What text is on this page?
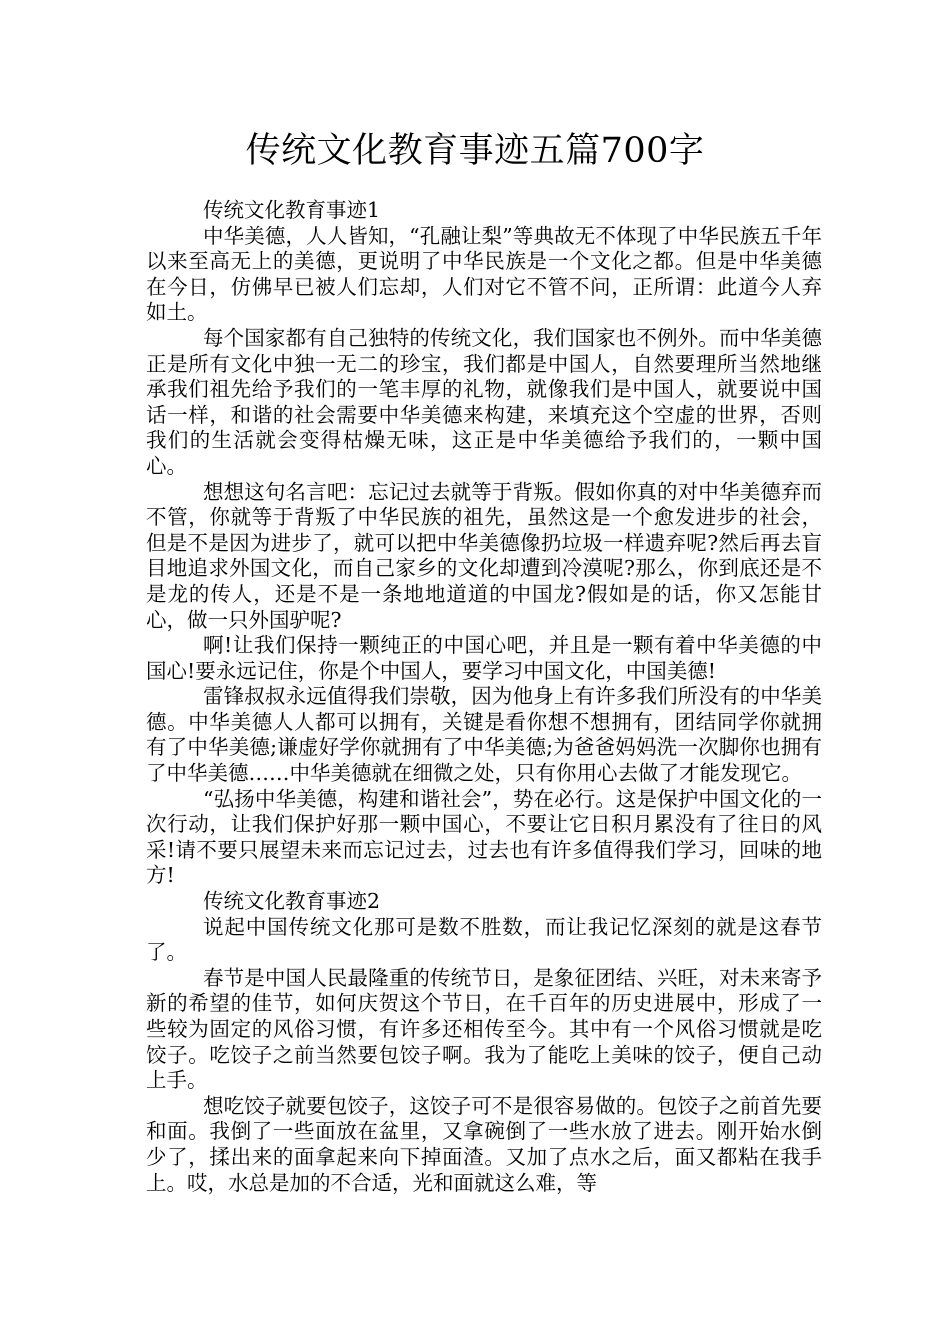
传统文化教育事迹五篇700字

传统文化教育事迹1

中华美德，人人皆知，“孔融让梨”等典故无不体现了中华民族五千年以来至高无上的美德，更说明了中华民族是一个文化之都。但是中华美德在今日，仿佛早已被人们忘却，人们对它不管不问，正所谓：此道今人弃如土。

每个国家都有自己独特的传统文化，我们国家也不例外。而中华美德正是所有文化中独一无二的珍宝，我们都是中国人，自然要理所当然地继承我们祖先给予我们的一笔丰厚的礼物，就像我们是中国人，就要说中国话一样，和谐的社会需要中华美德来构建，来填充这个空虚的世界，否则我们的生活就会变得枯燥无味，这正是中华美德给予我们的，一颗中国心。

想想这句名言吧：忘记过去就等于背叛。假如你真的对中华美德弃而不管，你就等于背叛了中华民族的祖先，虽然这是一个愈发进步的社会，但是不是因为进步了，就可以把中华美德像扔垃圾一样遗弃呢?然后再去盲目地追求外国文化，而自己家乡的文化却遭到冷漠呢?那么，你到底还是不是龙的传人，还是不是一条地地道道的中国龙?假如是的话，你又怎能甘心，做一只外国驴呢?

啊!让我们保持一颗纯正的中国心吧，并且是一颗有着中华美德的中国心!要永远记住，你是个中国人，要学习中国文化，中国美德!

雷锋叔叔永远值得我们崇敬，因为他身上有许多我们所没有的中华美德。中华美德人人都可以拥有，关键是看你想不想拥有，团结同学你就拥有了中华美德;谦虚好学你就拥有了中华美德;为爸爸妈妈洗一次脚你也拥有了中华美德……中华美德就在细微之处，只有你用心去做了才能发现它。

“弘扬中华美德，构建和谐社会”，势在必行。这是保护中国文化的一次行动，让我们保护好那一颗中国心，不要让它日积月累没有了往日的风采!请不要只展望未来而忘记过去，过去也有许多值得我们学习，回味的地方!

传统文化教育事迹2

说起中国传统文化那可是数不胜数，而让我记忆深刻的就是这春节了。

春节是中国人民最隆重的传统节日，是象征团结、兴旺，对未来寄予新的希望的佳节，如何庆贺这个节日，在千百年的历史进展中，形成了一些较为固定的风俗习惯，有许多还相传至今。其中有一个风俗习惯就是吃饺子。吃饺子之前当然要包饺子啊。我为了能吃上美味的饺子，便自己动上手。

想吃饺子就要包饺子，这饺子可不是很容易做的。包饺子之前首先要和面。我倒了一些面放在盆里，又拿碗倒了一些水放了进去。刚开始水倒少了，揉出来的面拿起来向下掉面渣。又加了点水之后，面又都粘在我手上。哎，水总是加的不合适，光和面就这么难，等
